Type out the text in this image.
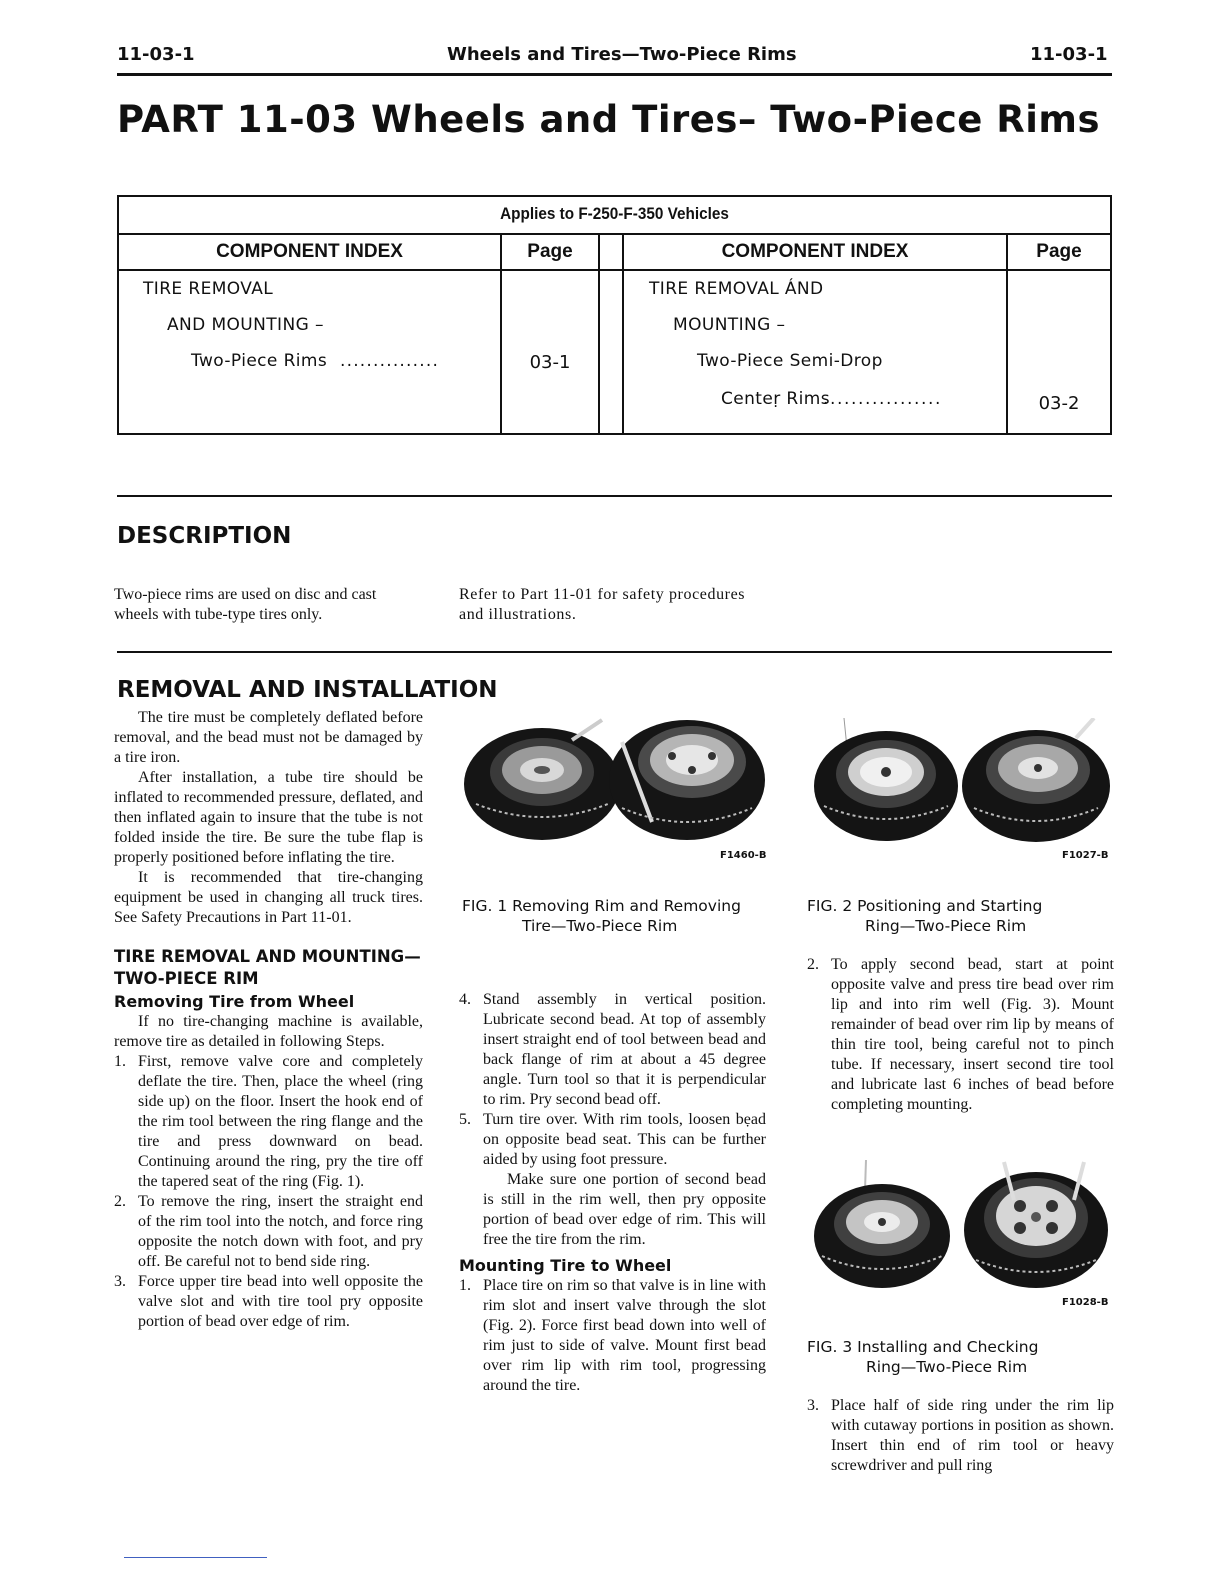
11-03-1	Wheels and Tires—Two-Piece Rims	11-03-1
PART 11-03 Wheels and Tires– Two-Piece Rims
Applies to F-250-F-350 Vehicles
COMPONENT INDEX	Page	COMPONENT INDEX	Page
TIRE REMOVAL
AND MOUNTING –
Two-Piece Rims ...............	03-1
TIRE REMOVAL ÁND
MOUNTING –
Two-Piece Semi-Drop
Centeṛ Rims
.................	03-2
DESCRIPTION
Two-piece rims are used on disc and cast wheels with tube-type tires only.
Refer to Part 11-01 for safety procedures and illustrations.
REMOVAL AND INSTALLATION

The tire must be completely deflated before removal, and the bead must not be damaged by a tire iron.

After installation, a tube tire should be inflated to recommended pressure, deflated, and then inflated again to insure that the tube is not folded inside the tire. Be sure the tube flap is properly positioned before inflating the tire.

It is recommended that tire-changing equipment be used in changing all truck tires. See Safety Precautions in Part 11-01.

TIRE REMOVAL AND MOUNTING—TWO-PIECE RIM
Removing Tire from Wheel

If no tire-changing machine is available, remove tire as detailed in following Steps.

1. First, remove valve core and completely deflate the tire. Then, place the wheel (ring side up) on the floor. Insert the hook end of the rim tool between the ring flange and the tire and press downward on bead. Continuing around the ring, pry the tire off the tapered seat of the ring (Fig. 1).
2. To remove the ring, insert the straight end of the rim tool into the notch, and force ring opposite the notch down with foot, and pry off. Be careful not to bend side ring.
3. Force upper tire bead into well opposite the valve slot and with tire tool pry opposite portion of bead over edge of rim.
F1460-B
FIG. 1 Removing Rim and Removing
Tire—Two-Piece Rim
4. Stand assembly in vertical position. Lubricate second bead. At top of assembly insert straight end of tool between bead and back flange of rim at about a 45 degree angle. Turn tool so that it is perpendicular to rim. Pry second bead off.
5. Turn tire over. With rim tools, loosen bẹad on opposite bead seat. This can be further aided by using foot pressure.

Make sure one portion of second bead is still in the rim well, then pry opposite portion of bead over edge of rim. This will free the tire from the rim.

Mounting Tire to Wheel
1. Place tire on rim so that valve is in line with rim slot and insert valve through the slot (Fig. 2). Force first bead down into well of rim just to side of valve. Mount first bead over rim lip with rim tool, progressing around the tire.
F1027-B
FIG. 2 Positioning and Starting
Ring—Two-Piece Rim
2. To apply second bead, start at point opposite valve and press tire bead over rim lip and into rim well (Fig. 3). Mount remainder of bead over rim lip by means of thin tire tool, being careful not to pinch tube. If necessary, insert second tire tool and lubricate last 6 inches of bead before completing mounting.
F1028-B
FIG. 3 Installing and Checking
Ring—Two-Piece Rim
3. Place half of side ring under the rim lip with cutaway portions in position as shown. Insert thin end of rim tool or heavy screwdriver and pull ring
